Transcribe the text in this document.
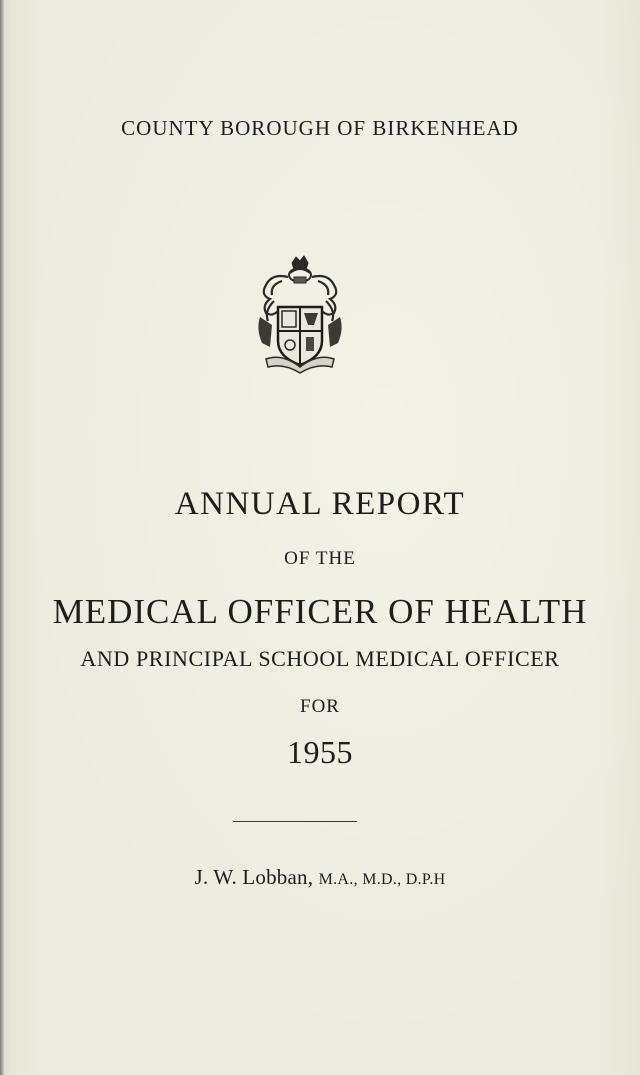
COUNTY BOROUGH OF BIRKENHEAD
ANNUAL REPORT
OF THE
MEDICAL OFFICER OF HEALTH
AND PRINCIPAL SCHOOL MEDICAL OFFICER
FOR
1955
J. W. Lobban, M.A., M.D., D.P.H
